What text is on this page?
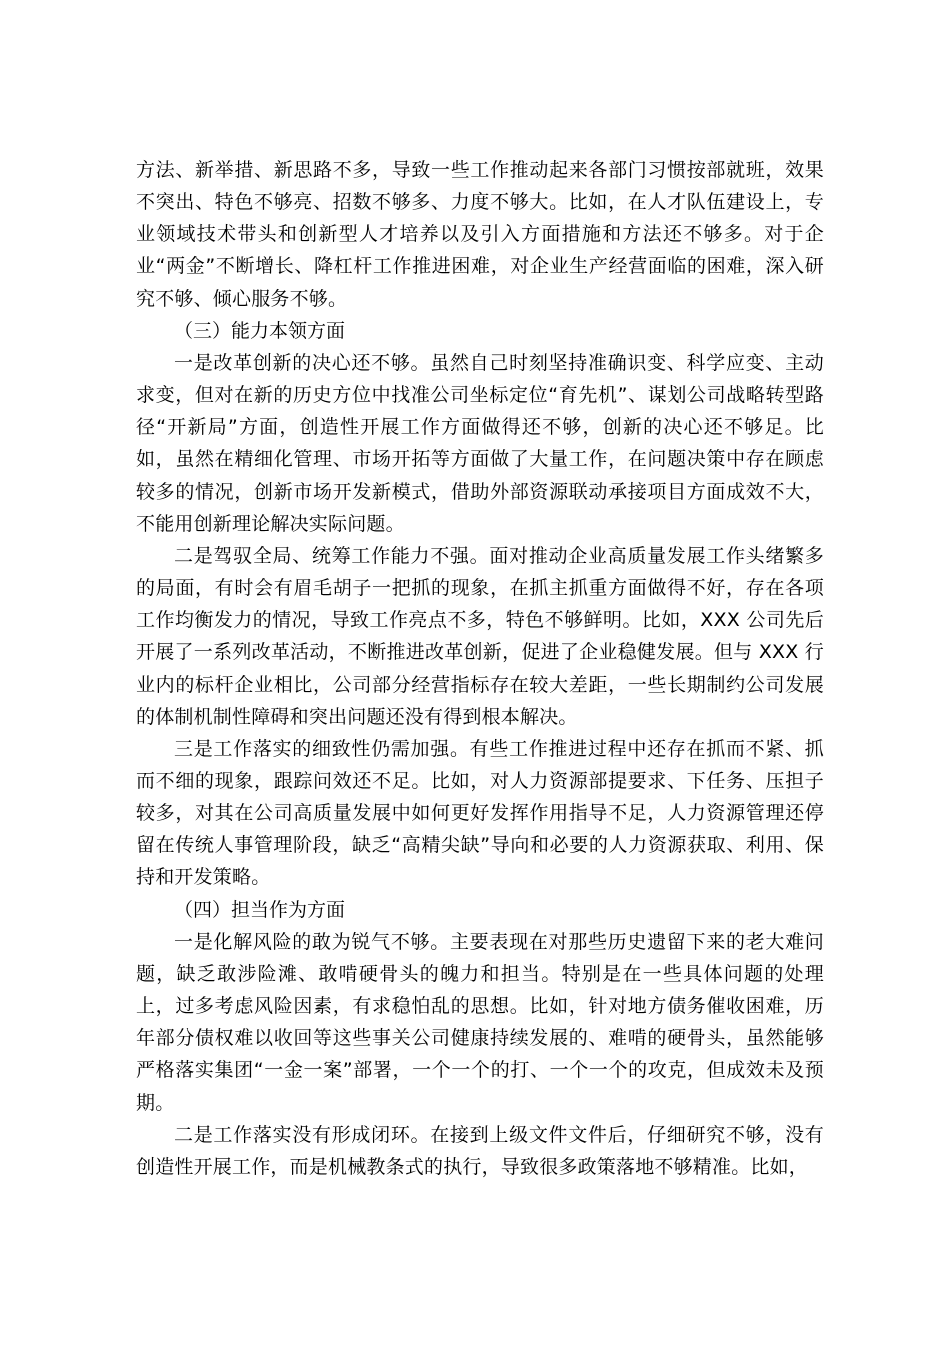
方法、新举措、新思路不多，导致一些工作推动起来各部门习惯按部就班，效果不突出、特色不够亮、招数不够多、力度不够大。比如，在人才队伍建设上，专业领域技术带头和创新型人才培养以及引入方面措施和方法还不够多。对于企业“两金”不断增长、降杠杆工作推进困难，对企业生产经营面临的困难，深入研究不够、倾心服务不够。

（三）能力本领方面

一是改革创新的决心还不够。虽然自己时刻坚持准确识变、科学应变、主动求变，但对在新的历史方位中找准公司坐标定位“育先机”、谋划公司战略转型路径“开新局”方面，创造性开展工作方面做得还不够，创新的决心还不够足。比如，虽然在精细化管理、市场开拓等方面做了大量工作，在问题决策中存在顾虑较多的情况，创新市场开发新模式，借助外部资源联动承接项目方面成效不大，不能用创新理论解决实际问题。

二是驾驭全局、统筹工作能力不强。面对推动企业高质量发展工作头绪繁多的局面，有时会有眉毛胡子一把抓的现象，在抓主抓重方面做得不好，存在各项工作均衡发力的情况，导致工作亮点不多，特色不够鲜明。比如，XXX 公司先后开展了一系列改革活动，不断推进改革创新，促进了企业稳健发展。但与 XXX 行业内的标杆企业相比，公司部分经营指标存在较大差距，一些长期制约公司发展的体制机制性障碍和突出问题还没有得到根本解决。

三是工作落实的细致性仍需加强。有些工作推进过程中还存在抓而不紧、抓而不细的现象，跟踪问效还不足。比如，对人力资源部提要求、下任务、压担子较多，对其在公司高质量发展中如何更好发挥作用指导不足，人力资源管理还停留在传统人事管理阶段，缺乏“高精尖缺”导向和必要的人力资源获取、利用、保持和开发策略。

（四）担当作为方面

一是化解风险的敢为锐气不够。主要表现在对那些历史遗留下来的老大难问题，缺乏敢涉险滩、敢啃硬骨头的魄力和担当。特别是在一些具体问题的处理上，过多考虑风险因素，有求稳怕乱的思想。比如，针对地方债务催收困难，历年部分债权难以收回等这些事关公司健康持续发展的、难啃的硬骨头，虽然能够严格落实集团“一金一案”部署，一个一个的打、一个一个的攻克，但成效未及预期。

二是工作落实没有形成闭环。在接到上级文件文件后，仔细研究不够，没有创造性开展工作，而是机械教条式的执行，导致很多政策落地不够精准。比如，
